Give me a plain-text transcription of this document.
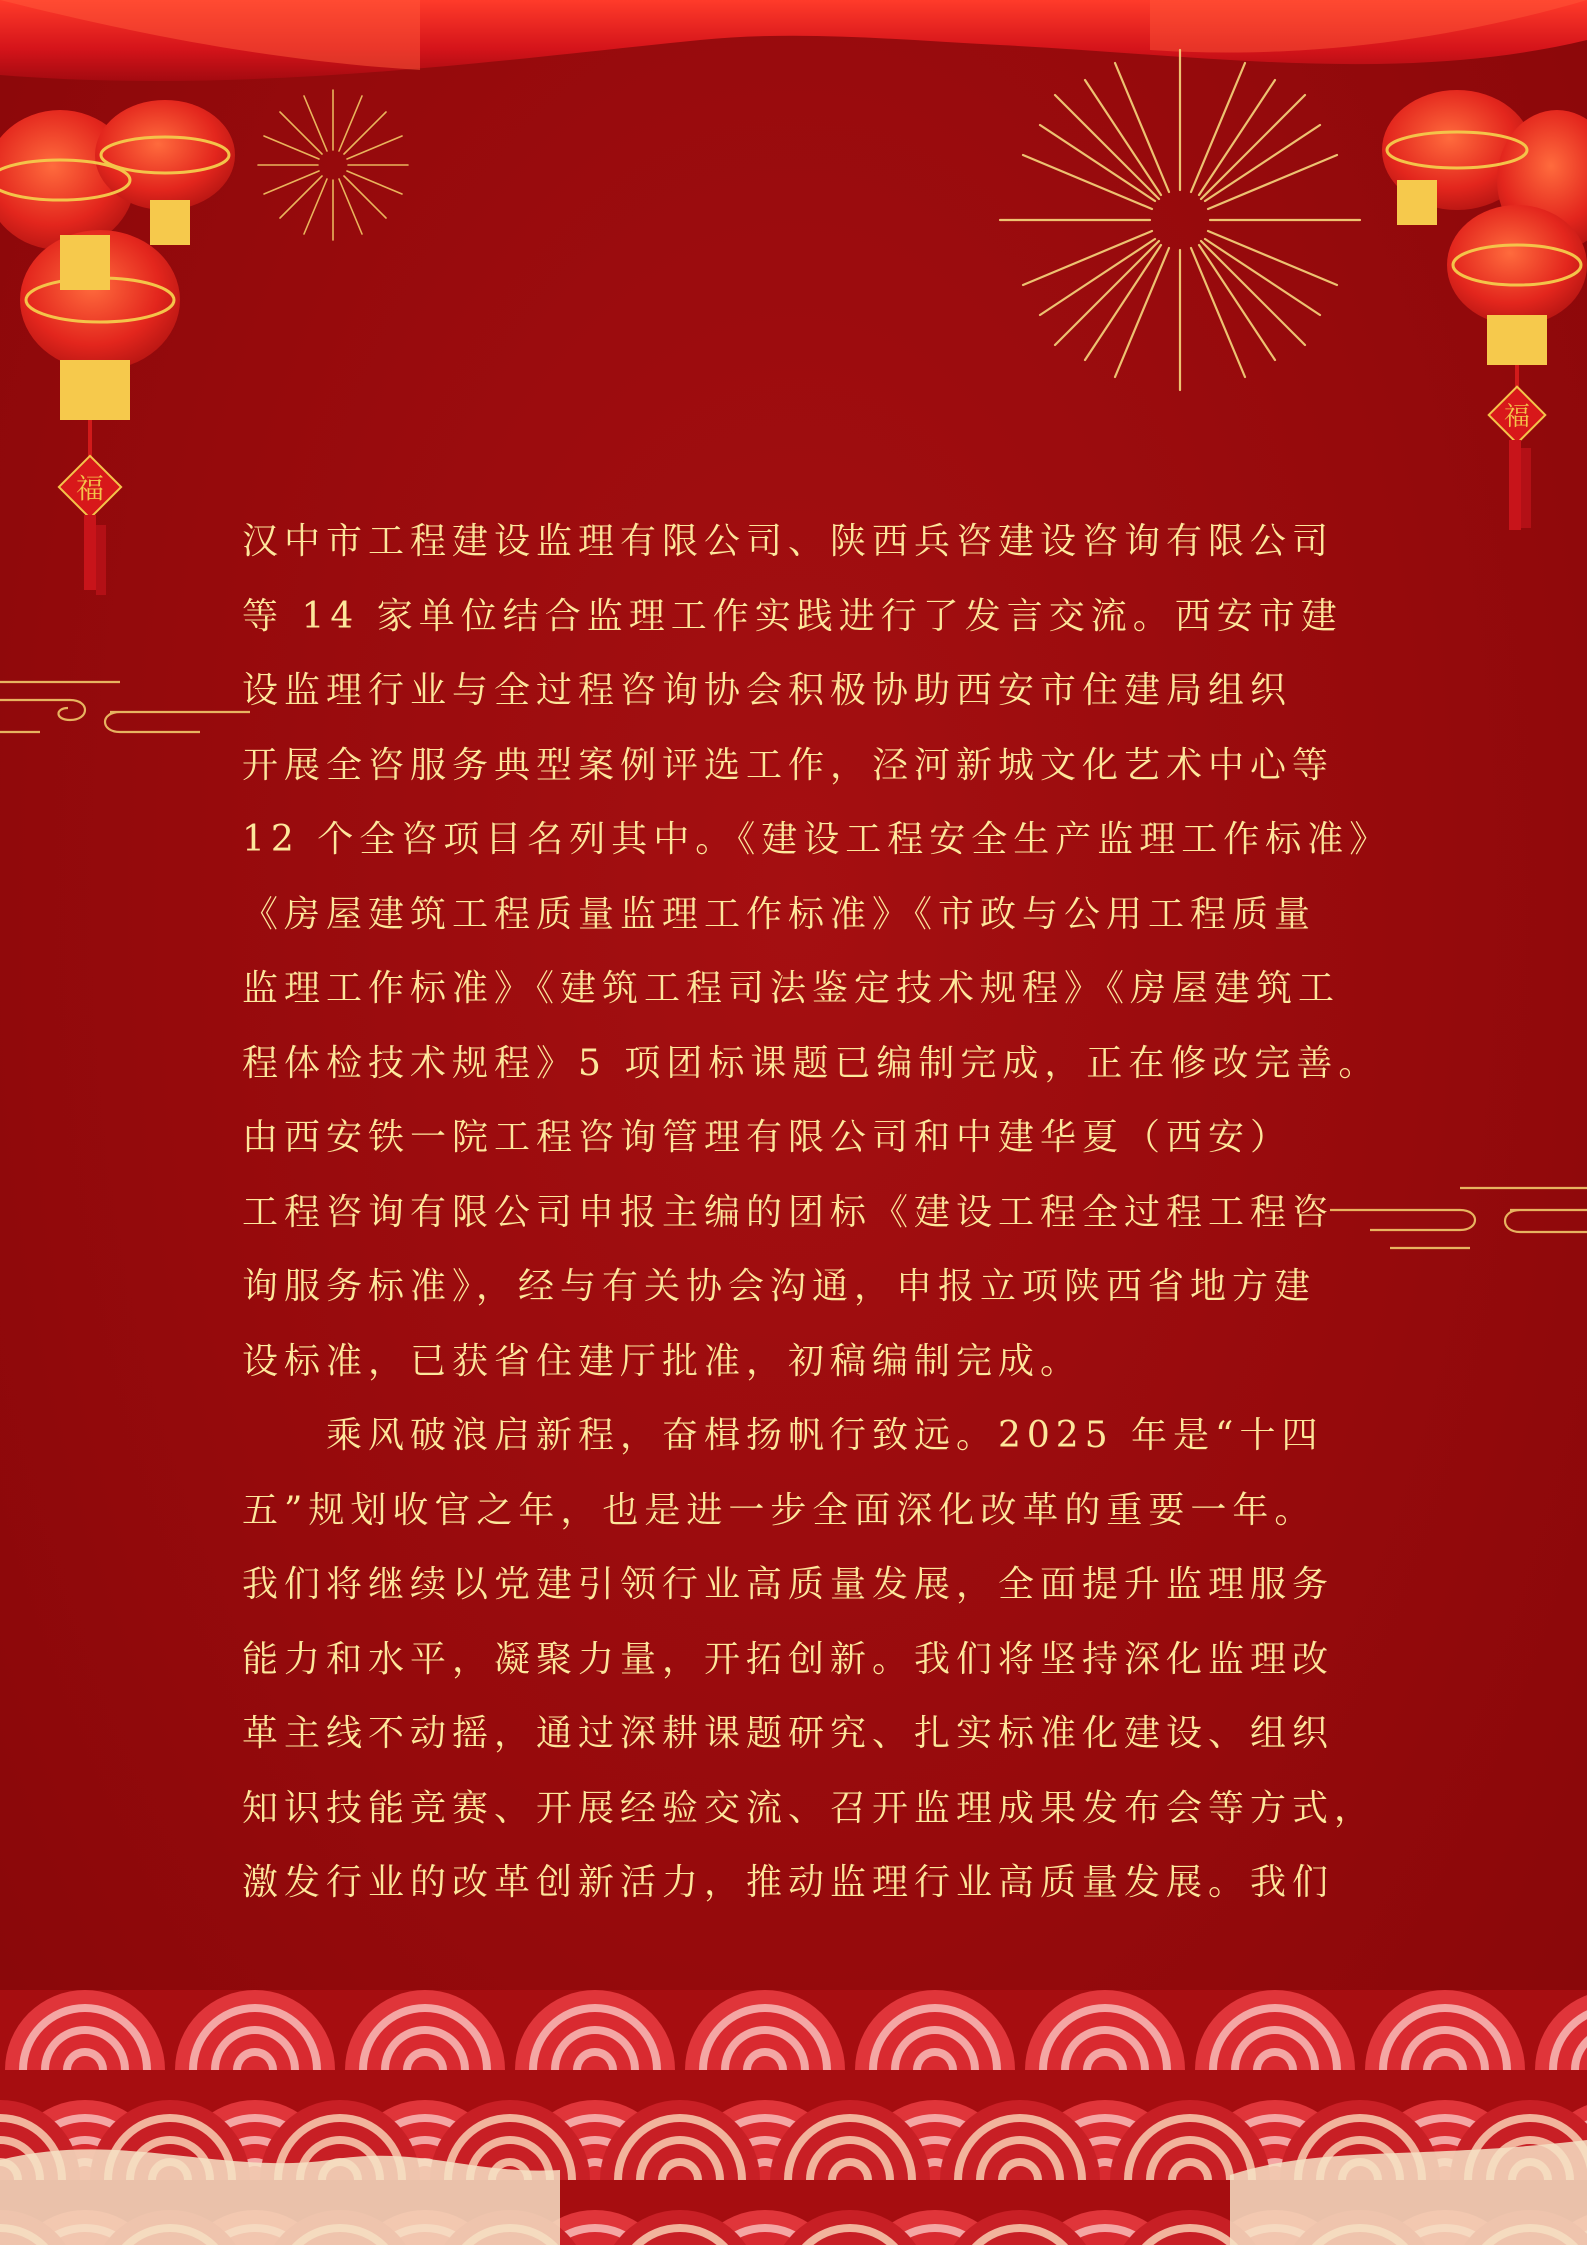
福
福
汉中市工程建设监理有限公司、陕西兵咨建设咨询有限公司
等 14 家单位结合监理工作实践进行了发言交流。西安市建
设监理行业与全过程咨询协会积极协助西安市住建局组织
开展全咨服务典型案例评选工作，泾河新城文化艺术中心等
12 个全咨项目名列其中。《建设工程安全生产监理工作标准》
《房屋建筑工程质量监理工作标准》《市政与公用工程质量
监理工作标准》《建筑工程司法鉴定技术规程》《房屋建筑工
程体检技术规程》5 项团标课题已编制完成，正在修改完善。
由西安铁一院工程咨询管理有限公司和中建华夏（西安）
工程咨询有限公司申报主编的团标《建设工程全过程工程咨
询服务标准》，经与有关协会沟通，申报立项陕西省地方建
设标准，已获省住建厅批准，初稿编制完成。
乘风破浪启新程，奋楫扬帆行致远。2025 年是“十四
五”规划收官之年，也是进一步全面深化改革的重要一年。
我们将继续以党建引领行业高质量发展，全面提升监理服务
能力和水平，凝聚力量，开拓创新。我们将坚持深化监理改
革主线不动摇，通过深耕课题研究、扎实标准化建设、组织
知识技能竞赛、开展经验交流、召开监理成果发布会等方式，
激发行业的改革创新活力，推动监理行业高质量发展。我们
